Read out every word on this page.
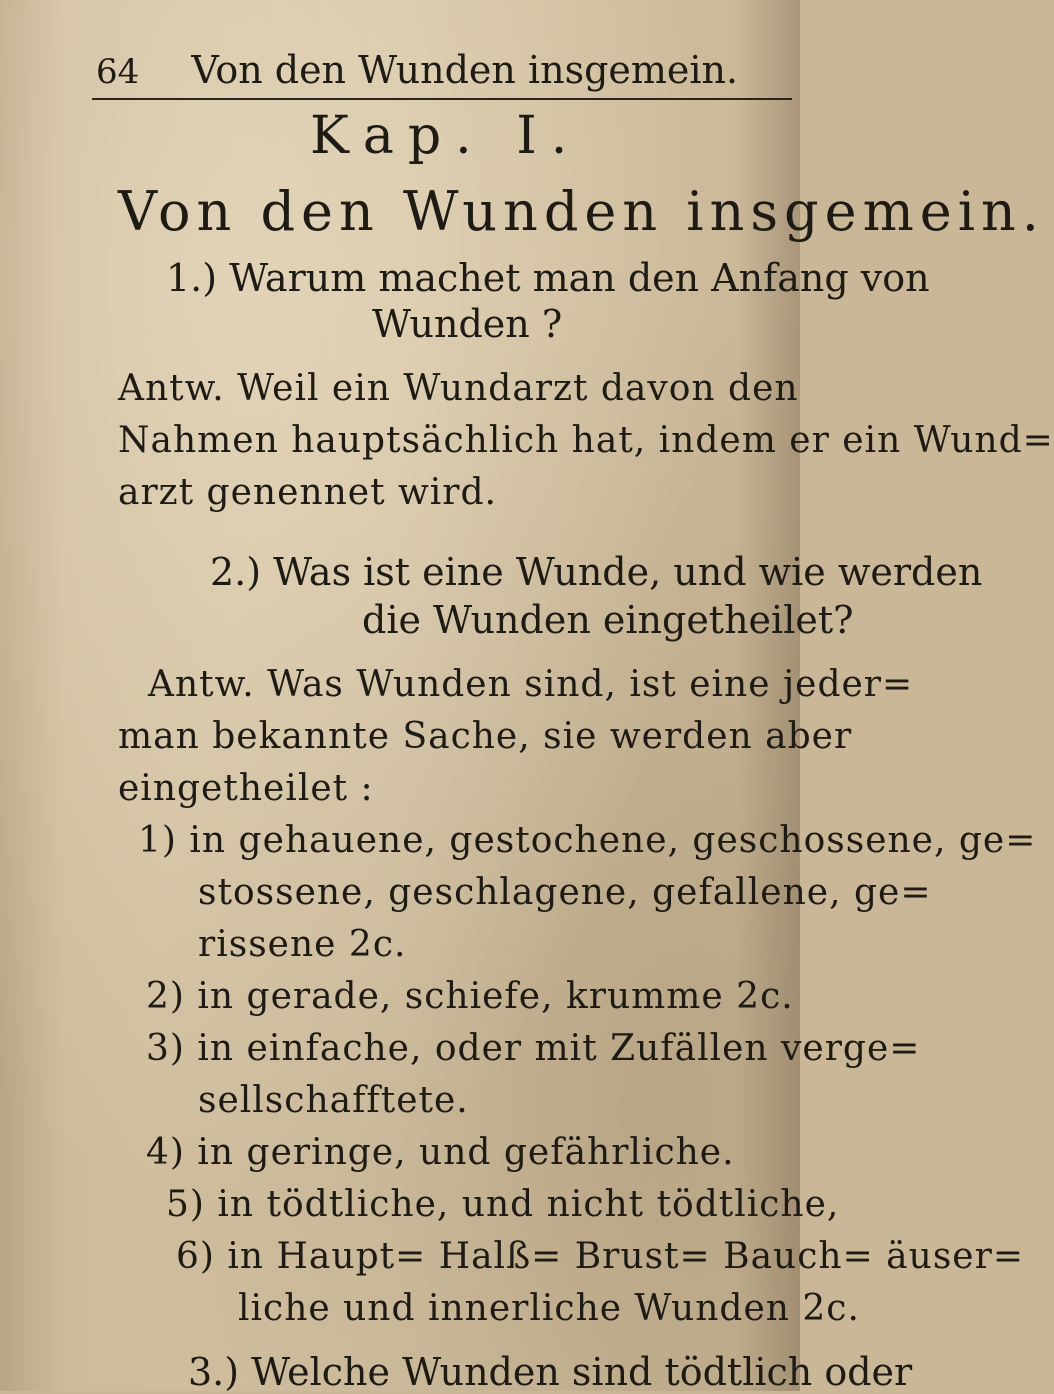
64 Von den Wunden insgemein.
Kap. I.
Von den Wunden insgemein.
1.) Warum machet man den Anfang von
Wunden ?
Antw. Weil ein Wundarzt davon den
Nahmen hauptsächlich hat, indem er ein Wund=
arzt genennet wird.
2.) Was ist eine Wunde, und wie werden
die Wunden eingetheilet?
Antw. Was Wunden sind, ist eine jeder=
man bekannte Sache, sie werden aber
eingetheilet :
1) in gehauene, gestochene, geschossene, ge=
stossene, geschlagene, gefallene, ge=
rissene 2c.
2) in gerade, schiefe, krumme 2c.
3) in einfache, oder mit Zufällen verge=
sellschafftete.
4) in geringe, und gefährliche.
5) in tödtliche, und nicht tödtliche,
6) in Haupt= Halß= Brust= Bauch= äuser=
liche und innerliche Wunden 2c.
3.) Welche Wunden sind tödtlich oder
